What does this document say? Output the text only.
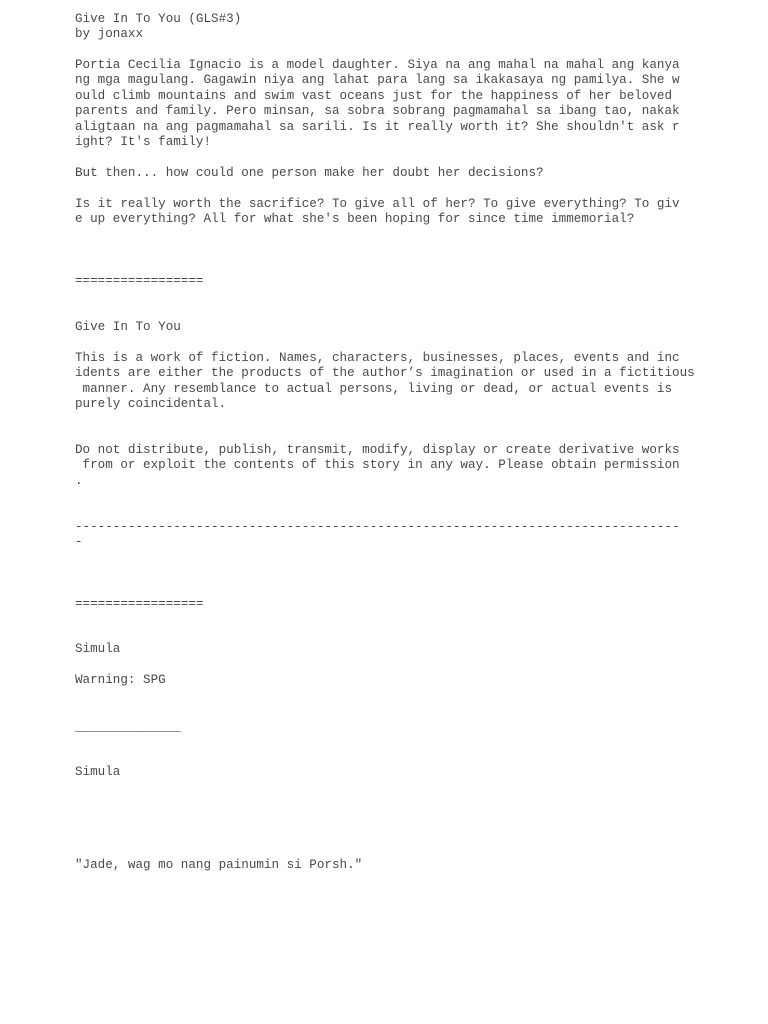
Give In To You (GLS#3)

by jonaxx

Portia Cecilia Ignacio is a model daughter. Siya na ang mahal na mahal ang kanya

ng mga magulang. Gagawin niya ang lahat para lang sa ikakasaya ng pamilya. She w

ould climb mountains and swim vast oceans just for the happiness of her beloved

parents and family. Pero minsan, sa sobra sobrang pagmamahal sa ibang tao, nakak

aligtaan na ang pagmamahal sa sarili. Is it really worth it? She shouldn't ask r

ight? It's family!

But then... how could one person make her doubt her decisions?

Is it really worth the sacrifice? To give all of her? To give everything? To giv

e up everything? All for what she's been hoping for since time immemorial?

=================

Give In To You

This is a work of fiction. Names, characters, businesses, places, events and inc

idents are either the products of the author’s imagination or used in a fictitious

manner. Any resemblance to actual persons, living or dead, or actual events is

purely coincidental.

Do not distribute, publish, transmit, modify, display or create derivative works

from or exploit the contents of this story in any way. Please obtain permission

.

--------------------------------------------------------------------------------

-

=================

Simula

Warning: SPG

______________

Simula

"Jade, wag mo nang painumin si Porsh."
